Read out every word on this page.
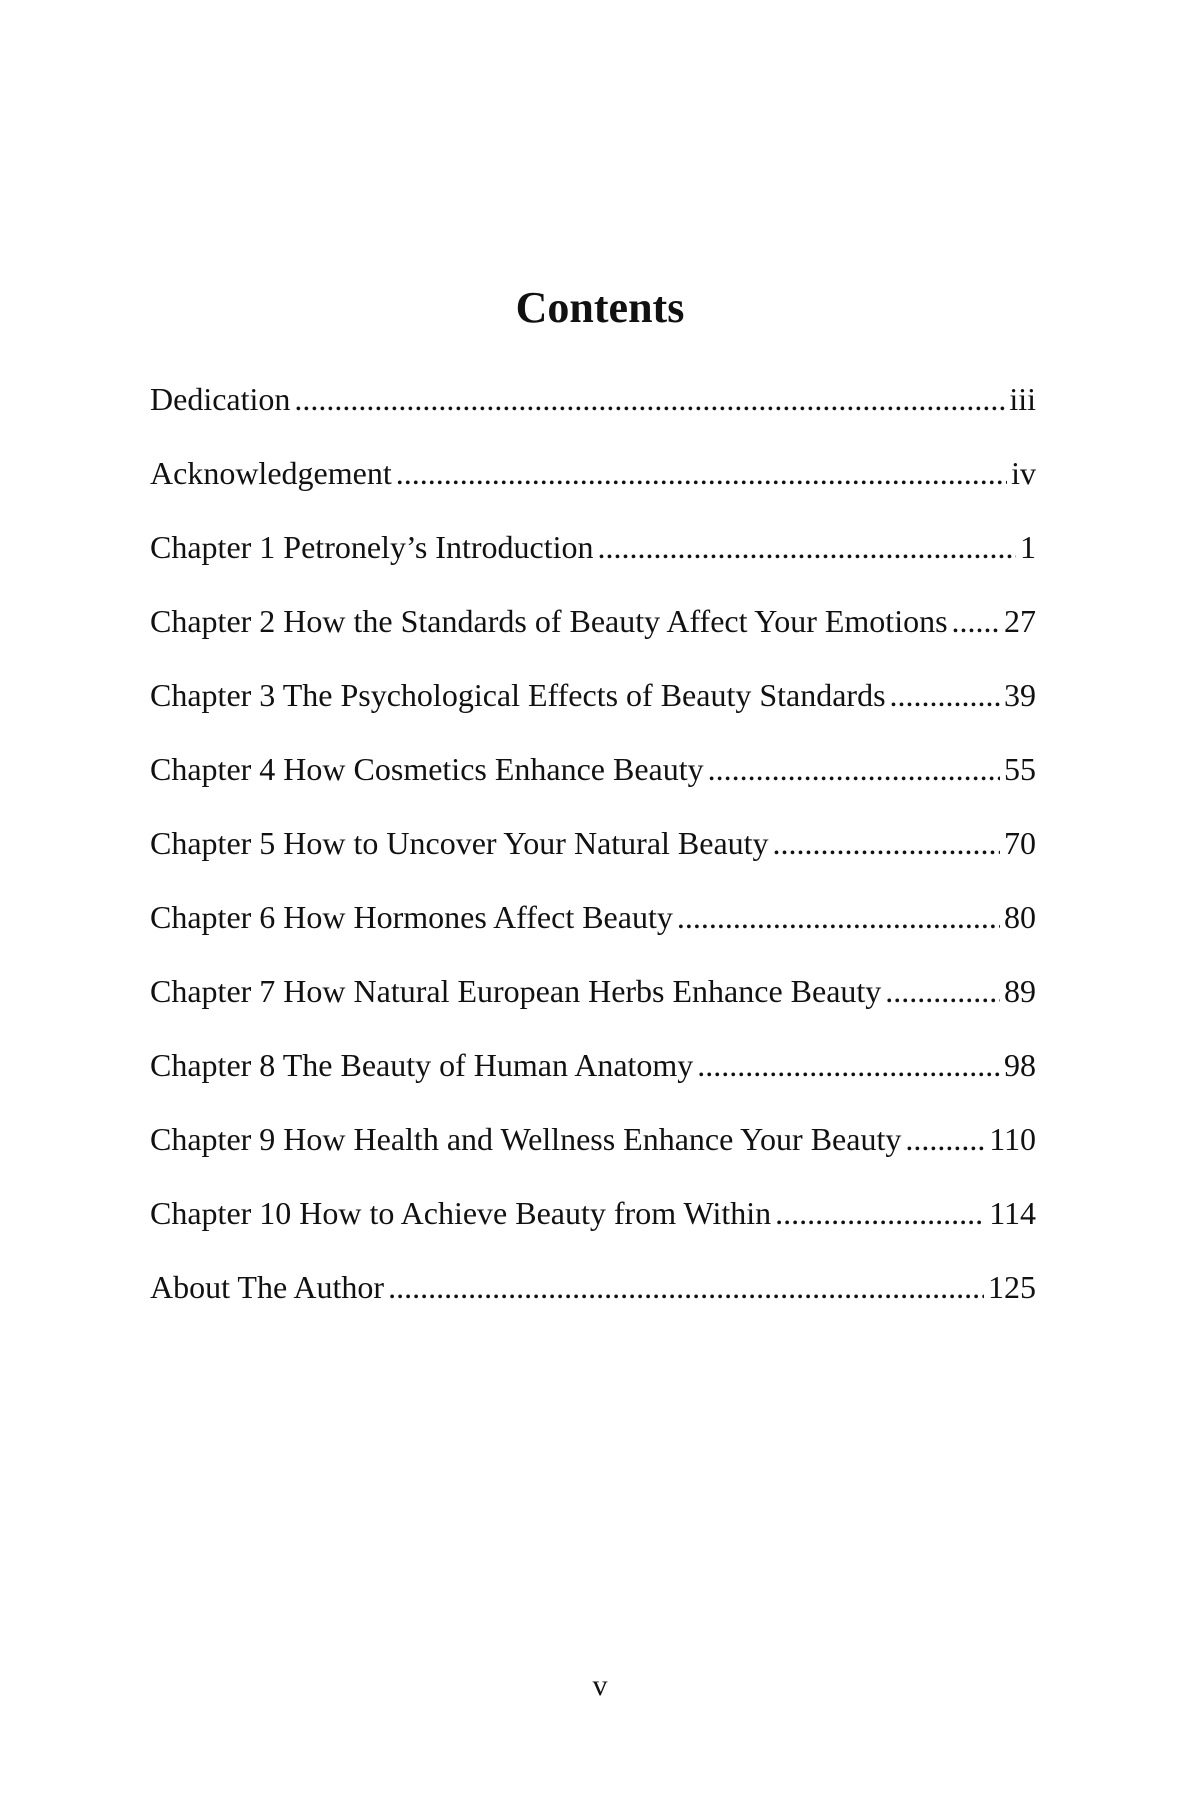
Contents
Dedication .....	iii
Acknowledgement .....	iv
Chapter 1 Petronely’s Introduction .....	1
Chapter 2 How the Standards of Beauty Affect Your Emotions ..... 27
Chapter 3 The Psychological Effects of Beauty Standards .....	39
Chapter 4 How Cosmetics Enhance Beauty .....	55
Chapter 5 How to Uncover Your Natural Beauty .....	70
Chapter 6 How Hormones Affect Beauty .....	80
Chapter 7 How Natural European Herbs Enhance Beauty .....	89
Chapter 8 The Beauty of Human Anatomy .....	98
Chapter 9 How Health and Wellness Enhance Your Beauty .....	110
Chapter 10 How to Achieve Beauty from Within .....	114
About The Author .....	125
v
